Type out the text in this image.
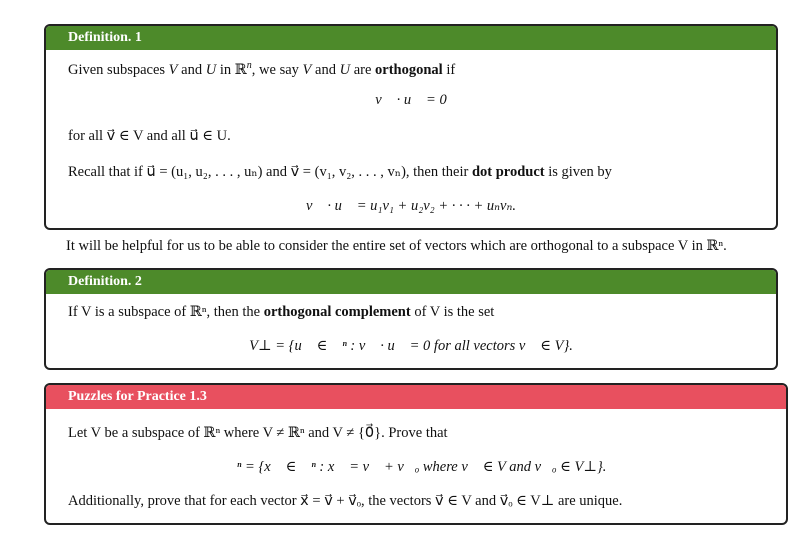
Definition. 1
Given subspaces V and U in ℝ$^n$, we say V and U are orthogonal if
v⃗ · u⃗ = 0
for all v⃗ ∈ V and all u⃗ ∈ U.
Recall that if u⃗ = (u₁, u₂, . . . , uₙ) and v⃗ = (v₁, v₂, . . . , vₙ), then their dot product is given by
v⃗ · u⃗ = u₁v₁ + u₂v₂ + · · · + uₙvₙ.
It will be helpful for us to be able to consider the entire set of vectors which are orthogonal to a subspace V in ℝⁿ.
Definition. 2
If V is a subspace of ℝⁿ, then the orthogonal complement of V is the set
V⊥ = {u⃗ ∈ ℝⁿ : v⃗ · u⃗ = 0 for all vectors v⃗ ∈ V}.
Puzzles for Practice 1.3
Let V be a subspace of ℝⁿ where V ≠ ℝⁿ and V ≠ {0⃗}. Prove that
ℝⁿ = {x⃗ ∈ ℝⁿ : x⃗ = v⃗ + v⃗ₒ where v⃗ ∈ V and v⃗ₒ ∈ V⊥}.
Additionally, prove that for each vector x⃗ = v⃗ + v⃗ₒ, the vectors v⃗ ∈ V and v⃗ₒ ∈ V⊥ are unique.
